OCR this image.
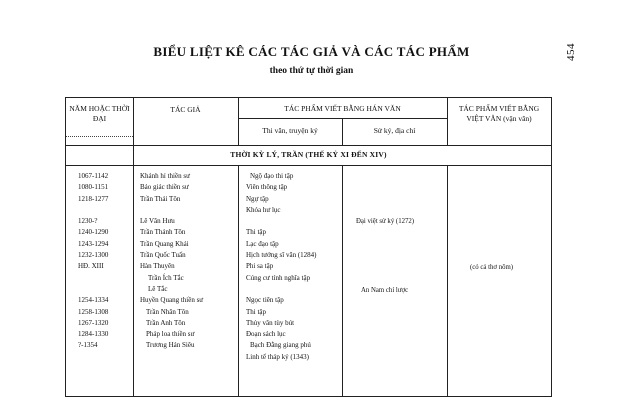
454
BIỂU LIỆT KÊ CÁC TÁC GIẢ VÀ CÁC TÁC PHẨM
theo thứ tự thời gian
NĂM HOẶC THỜI ĐẠI
TÁC GIẢ	TÁC PHẨM VIẾT BẰNG HÁN VĂN
Thi văn, truyện ký	Sử ký, địa chí
TÁC PHẨM VIẾT BẰNG VIỆT VĂN (vận văn)
THỜI KỲ LÝ, TRẦN (THẾ KỶ XI ĐẾN XIV)
1067-1142
1080-1151
1218-1277
1230-?
1240-1290
1243-1294
1232-1300
HĐ. XIII
1254-1334
1258-1308
1267-1320
1284-1330
?-1354
Khánh hỉ thiền sư
Bảo giác thiền sư
Trần Thái Tôn
Lê Văn Hưu
Trần Thánh Tôn
Trần Quang Khải
Trần Quốc Tuấn
Hàn Thuyên
Trần Ích Tắc
Lê Tắc
Huyền Quang thiền sư
Trần Nhân Tôn
Trần Anh Tôn
Pháp loa thiền sư
Trương Hán Siêu
Ngộ đạo thi tập
Viên thông tập
Ngự tập
Khóa hư lục
Thi tập
Lạc đạo tập
Hịch tướng sĩ văn (1284)
Phi sa tập
Cúng cư tính nghĩa tập
Ngọc tiên tập
Thi tập
Thủy vân tùy bút
Đoạn sách lục
Bạch Đằng giang phú
Linh tế tháp ký (1343)
Đại việt sử ký (1272)
An Nam chí lược
(có cả thơ nôm)
